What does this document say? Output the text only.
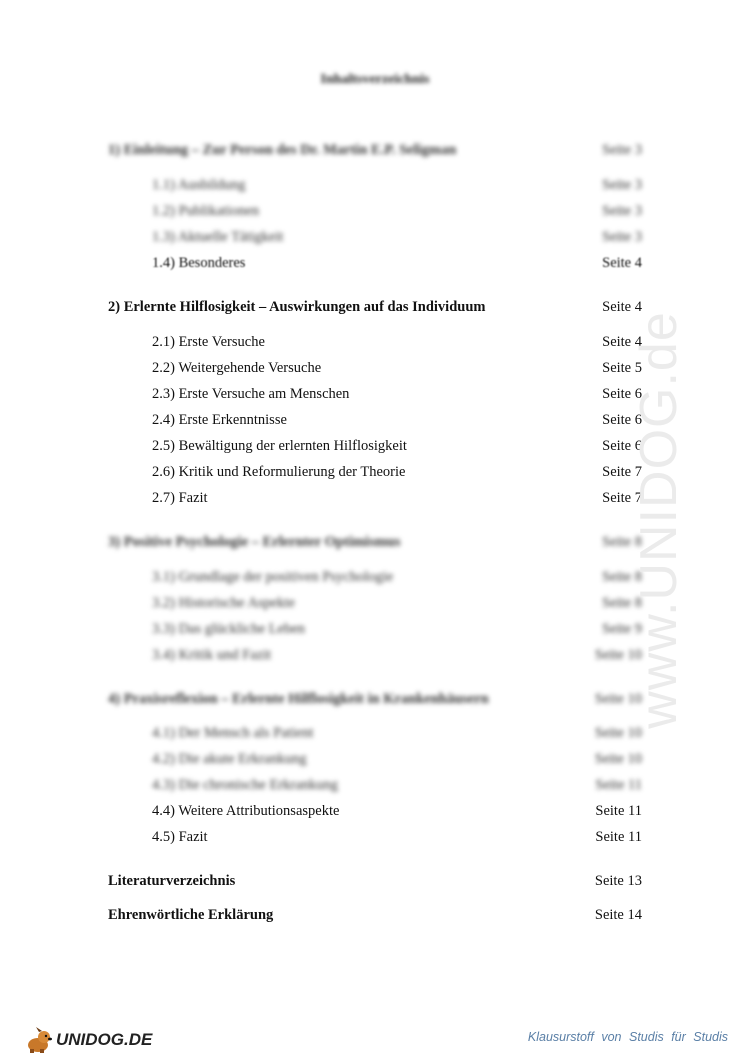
Inhaltsverzeichnis
1) Einleitung – Zur Person des Dr. Martin E.P. Seligman	Seite 3
1.1) Ausbildung	Seite 3
1.2) Publikationen	Seite 3
1.3) Aktuelle Tätigkeit	Seite 3
1.4) Besonderes	Seite 4
2) Erlernte Hilflosigkeit – Auswirkungen auf das Individuum	Seite 4
2.1) Erste Versuche	Seite 4
2.2) Weitergehende Versuche	Seite 5
2.3) Erste Versuche am Menschen	Seite 6
2.4) Erste Erkenntnisse	Seite 6
2.5) Bewältigung der erlernten Hilflosigkeit	Seite 6
2.6) Kritik und Reformulierung der Theorie	Seite 7
2.7) Fazit	Seite 7
3) Positive Psychologie – Erlernter Optimismus	Seite 8
3.1) Grundlage der positiven Psychologie	Seite 8
3.2) Historische Aspekte	Seite 8
3.3) Das glückliche Leben	Seite 9
3.4) Kritik und Fazit	Seite 10
4) Praxisreflexion – Erlernte Hilflosigkeit in Krankenhäusern	Seite 10
4.1) Der Mensch als Patient	Seite 10
4.2) Die akute Erkrankung	Seite 10
4.3) Die chronische Erkrankung	Seite 11
4.4) Weitere Attributionsaspekte	Seite 11
4.5) Fazit	Seite 11
Literaturverzeichnis	Seite 13
Ehrenwörtliche Erklärung	Seite 14
www.UNIDOG.de
UNIDOG.DE	Klausurstoff von Studis für Studis
